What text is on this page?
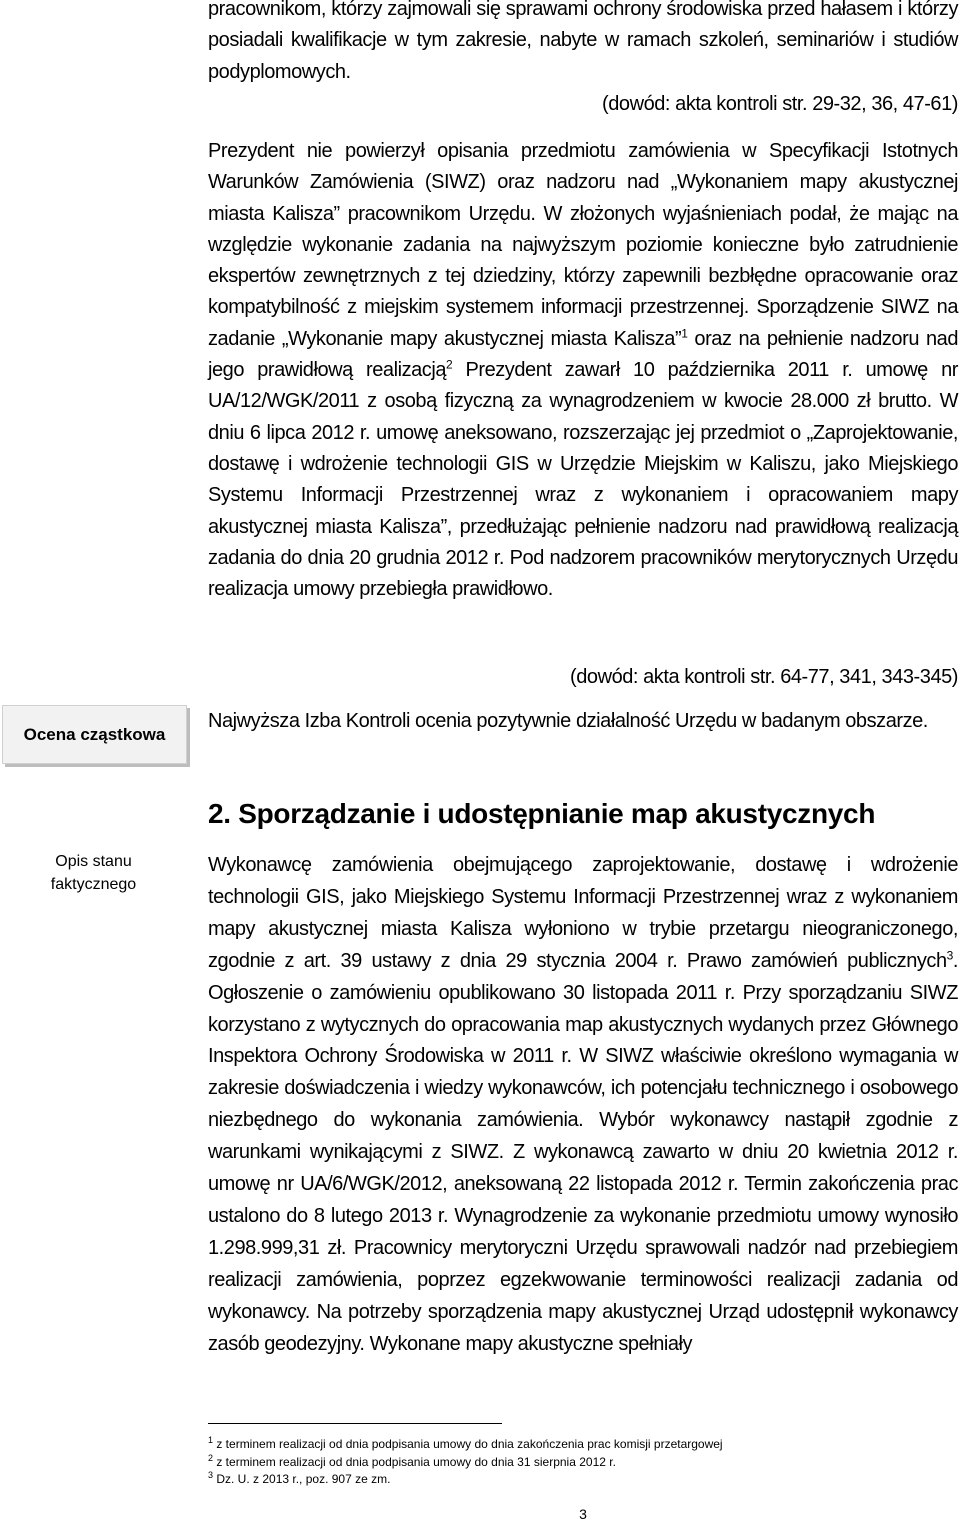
pracownikom, którzy zajmowali się sprawami ochrony środowiska przed hałasem i którzy posiadali kwalifikacje w tym zakresie, nabyte w ramach szkoleń, seminariów i studiów podyplomowych.

(dowód: akta kontroli str. 29-32, 36, 47-61)

Prezydent nie powierzył opisania przedmiotu zamówienia w Specyfikacji Istotnych Warunków Zamówienia (SIWZ) oraz nadzoru nad „Wykonaniem mapy akustycznej miasta Kalisza” pracownikom Urzędu. W złożonych wyjaśnieniach podał, że mając na względzie wykonanie zadania na najwyższym poziomie konieczne było zatrudnienie ekspertów zewnętrznych z tej dziedziny, którzy zapewnili bezbłędne opracowanie oraz kompatybilność z miejskim systemem informacji przestrzennej. Sporządzenie SIWZ na zadanie „Wykonanie mapy akustycznej miasta Kalisza”$^1$ oraz na pełnienie nadzoru nad jego prawidłową realizacją$^2$ Prezydent zawarł 10 października 2011 r. umowę nr UA/12/WGK/2011 z osobą fizyczną za wynagrodzeniem w kwocie 28.000 zł brutto. W dniu 6 lipca 2012 r. umowę aneksowano, rozszerzając jej przedmiot o „Zaprojektowanie, dostawę i wdrożenie technologii GIS w Urzędzie Miejskim w Kaliszu, jako Miejskiego Systemu Informacji Przestrzennej wraz z wykonaniem i opracowaniem mapy akustycznej miasta Kalisza”, przedłużając pełnienie nadzoru nad prawidłową realizacją zadania do dnia 20 grudnia 2012 r. Pod nadzorem pracowników merytorycznych Urzędu realizacja umowy przebiegła prawidłowo.

(dowód: akta kontroli str. 64-77, 341, 343-345)

Ocena cząstkowa

Najwyższa Izba Kontroli ocenia pozytywnie działalność Urzędu w badanym obszarze.

2. Sporządzanie i udostępnianie map akustycznych
Opis stanu
faktycznego

Wykonawcę zamówienia obejmującego zaprojektowanie, dostawę i wdrożenie technologii GIS, jako Miejskiego Systemu Informacji Przestrzennej wraz z wykonaniem mapy akustycznej miasta Kalisza wyłoniono w trybie przetargu nieograniczonego, zgodnie z art. 39 ustawy z dnia 29 stycznia 2004 r. Prawo zamówień publicznych$^3$. Ogłoszenie o zamówieniu opublikowano 30 listopada 2011 r. Przy sporządzaniu SIWZ korzystano z wytycznych do opracowania map akustycznych wydanych przez Głównego Inspektora Ochrony Środowiska w 2011 r. W SIWZ właściwie określono wymagania w zakresie doświadczenia i wiedzy wykonawców, ich potencjału technicznego i osobowego niezbędnego do wykonania zamówienia. Wybór wykonawcy nastąpił zgodnie z warunkami wynikającymi z SIWZ. Z wykonawcą zawarto w dniu 20 kwietnia 2012 r. umowę nr UA/6/WGK/2012, aneksowaną 22 listopada 2012 r. Termin zakończenia prac ustalono do 8 lutego 2013 r. Wynagrodzenie za wykonanie przedmiotu umowy wynosiło 1.298.999,31 zł. Pracownicy merytoryczni Urzędu sprawowali nadzór nad przebiegiem realizacji zamówienia, poprzez egzekwowanie terminowości realizacji zadania od wykonawcy. Na potrzeby sporządzenia mapy akustycznej Urząd udostępnił wykonawcy zasób geodezyjny. Wykonane mapy akustyczne spełniały

$^1$ z terminem realizacji od dnia podpisania umowy do dnia zakończenia prac komisji przetargowej
$^2$ z terminem realizacji od dnia podpisania umowy do dnia 31 sierpnia 2012 r.
$^3$ Dz. U. z 2013 r., poz. 907 ze zm.
3
